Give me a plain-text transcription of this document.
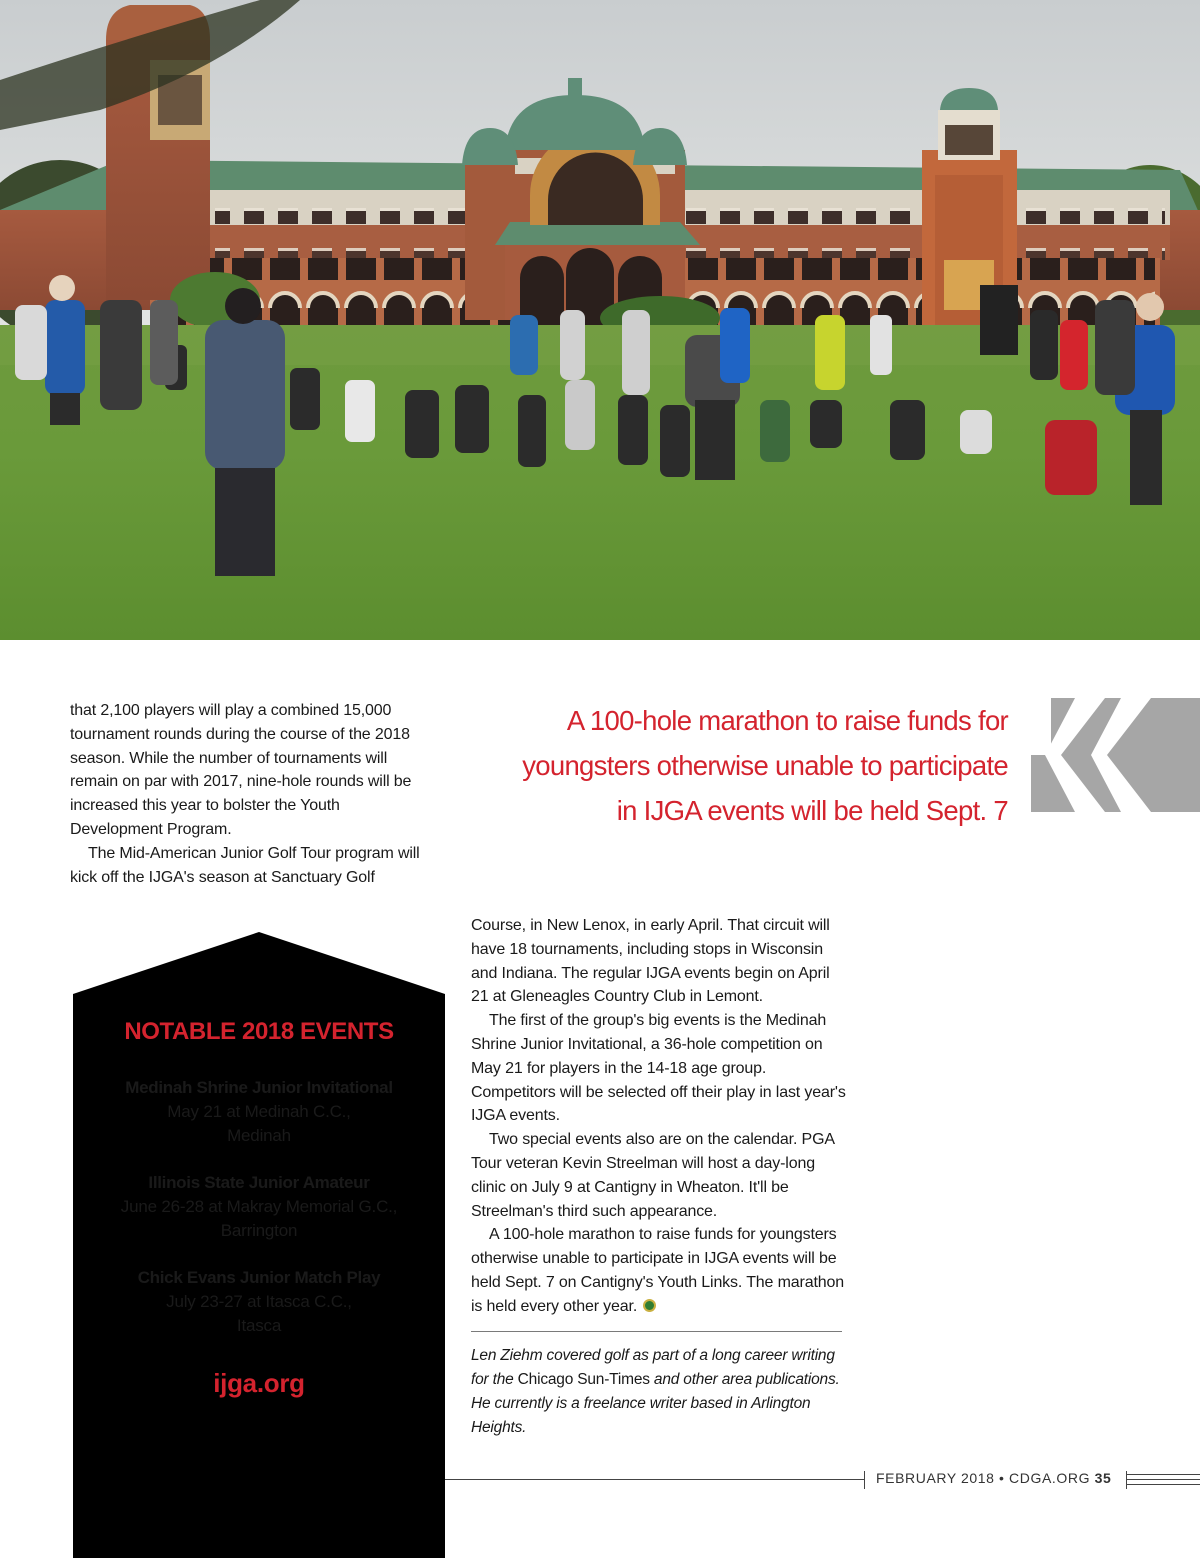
that 2,100 players will play a combined 15,000 tournament rounds during the course of the 2018 season. While the number of tournaments will remain on par with 2017, nine-hole rounds will be increased this year to bolster the Youth Development Program.

The Mid-American Junior Golf Tour program will kick off the IJGA's season at Sanctuary Golf

A 100-hole marathon to raise funds for
youngsters otherwise unable to participate
in IJGA events will be held Sept. 7
NOTABLE 2018 EVENTS
Medinah Shrine Junior Invitational
May 21 at Medinah C.C.,
Medinah
Illinois State Junior Amateur
June 26-28 at Makray Memorial G.C.,
Barrington
Chick Evans Junior Match Play
July 23-27 at Itasca C.C.,
Itasca
ijga.org

Course, in New Lenox, in early April. That circuit will have 18 tournaments, including stops in Wisconsin and Indiana. The regular IJGA events begin on April 21 at Gleneagles Country Club in Lemont.

The first of the group's big events is the Medinah Shrine Junior Invitational, a 36-hole competition on May 21 for players in the 14-18 age group. Competitors will be selected off their play in last year's IJGA events.

Two special events also are on the calendar. PGA Tour veteran Kevin Streelman will host a day-long clinic on July 9 at Cantigny in Wheaton. It'll be Streelman's third such appearance.

A 100-hole marathon to raise funds for youngsters otherwise unable to participate in IJGA events will be held Sept. 7 on Cantigny's Youth Links. The marathon is held every other year.

Len Ziehm covered golf as part of a long career writing for the Chicago Sun-Times and other area publications. He currently is a freelance writer based in Arlington Heights.
FEBRUARY 2018 • CDGA.ORG 35
